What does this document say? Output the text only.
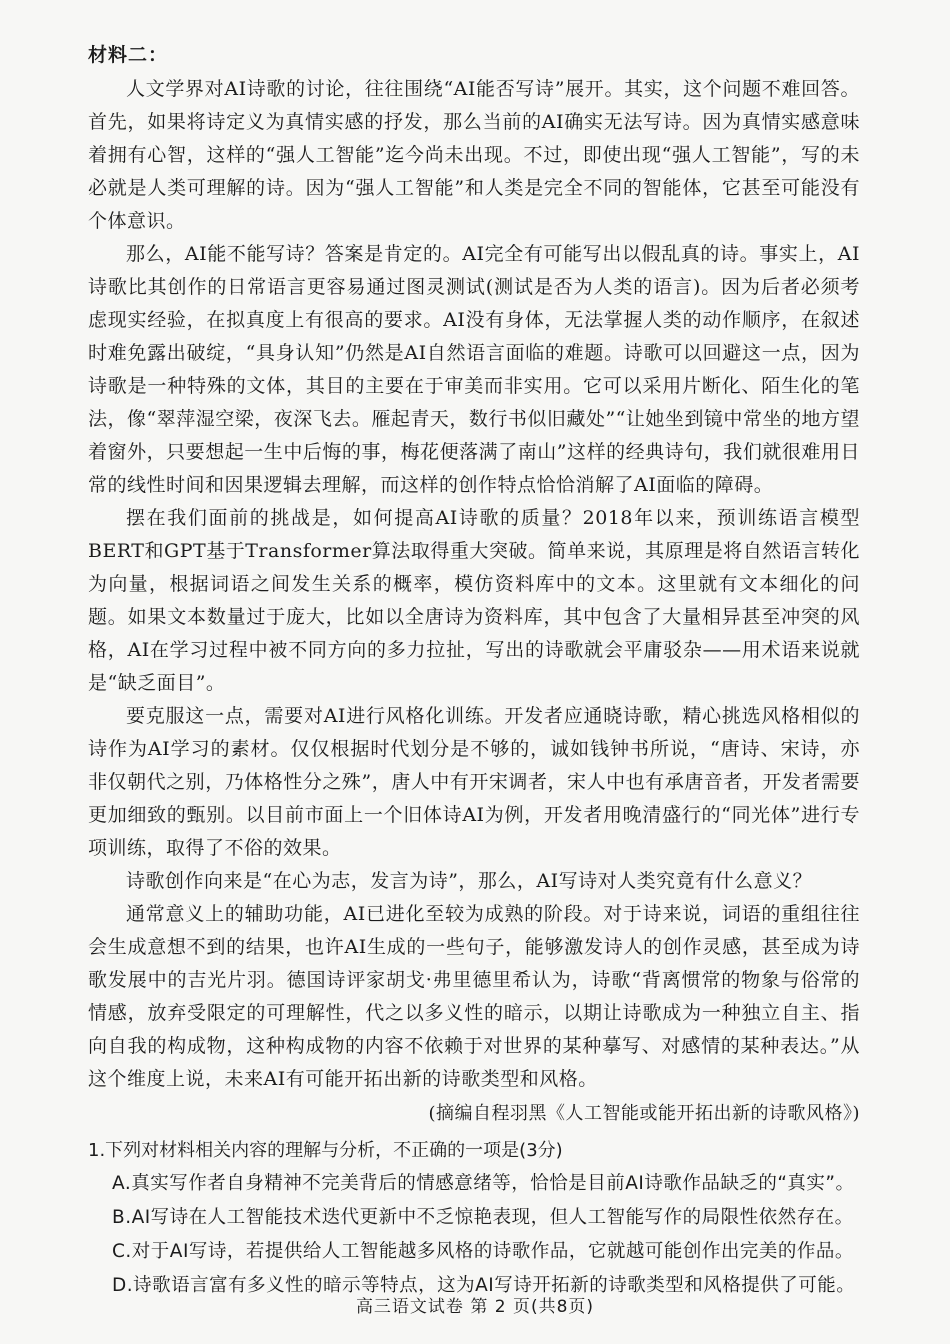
材料二：

人文学界对AI诗歌的讨论，往往围绕“AI能否写诗”展开。其实，这个问题不难回答。首先，如果将诗定义为真情实感的抒发，那么当前的AI确实无法写诗。因为真情实感意味着拥有心智，这样的“强人工智能”迄今尚未出现。不过，即使出现“强人工智能”，写的未必就是人类可理解的诗。因为“强人工智能”和人类是完全不同的智能体，它甚至可能没有个体意识。

那么，AI能不能写诗？答案是肯定的。AI完全有可能写出以假乱真的诗。事实上，AI诗歌比其创作的日常语言更容易通过图灵测试(测试是否为人类的语言)。因为后者必须考虑现实经验，在拟真度上有很高的要求。AI没有身体，无法掌握人类的动作顺序，在叙述时难免露出破绽，“具身认知”仍然是AI自然语言面临的难题。诗歌可以回避这一点，因为诗歌是一种特殊的文体，其目的主要在于审美而非实用。它可以采用片断化、陌生化的笔法，像“翠萍湿空梁，夜深飞去。雁起青天，数行书似旧藏处”“让她坐到镜中常坐的地方望着窗外，只要想起一生中后悔的事，梅花便落满了南山”这样的经典诗句，我们就很难用日常的线性时间和因果逻辑去理解，而这样的创作特点恰恰消解了AI面临的障碍。

摆在我们面前的挑战是，如何提高AI诗歌的质量？2018年以来，预训练语言模型BERT和GPT基于Transformer算法取得重大突破。简单来说，其原理是将自然语言转化为向量，根据词语之间发生关系的概率，模仿资料库中的文本。这里就有文本细化的问题。如果文本数量过于庞大，比如以全唐诗为资料库，其中包含了大量相异甚至冲突的风格，AI在学习过程中被不同方向的多力拉扯，写出的诗歌就会平庸驳杂——用术语来说就是“缺乏面目”。

要克服这一点，需要对AI进行风格化训练。开发者应通晓诗歌，精心挑选风格相似的诗作为AI学习的素材。仅仅根据时代划分是不够的，诚如钱钟书所说，“唐诗、宋诗，亦非仅朝代之别，乃体格性分之殊”，唐人中有开宋调者，宋人中也有承唐音者，开发者需要更加细致的甄别。以目前市面上一个旧体诗AI为例，开发者用晚清盛行的“同光体”进行专项训练，取得了不俗的效果。

诗歌创作向来是“在心为志，发言为诗”，那么，AI写诗对人类究竟有什么意义？

通常意义上的辅助功能，AI已进化至较为成熟的阶段。对于诗来说，词语的重组往往会生成意想不到的结果，也许AI生成的一些句子，能够激发诗人的创作灵感，甚至成为诗歌发展中的吉光片羽。德国诗评家胡戈·弗里德里希认为，诗歌“背离惯常的物象与俗常的情感，放弃受限定的可理解性，代之以多义性的暗示，以期让诗歌成为一种独立自主、指向自我的构成物，这种构成物的内容不依赖于对世界的某种摹写、对感情的某种表达。”从这个维度上说，未来AI有可能开拓出新的诗歌类型和风格。

(摘编自程羽黑《人工智能或能开拓出新的诗歌风格》)
1.下列对材料相关内容的理解与分析，不正确的一项是(3分)
A.真实写作者自身精神不完美背后的情感意绪等，恰恰是目前AI诗歌作品缺乏的“真实”。
B.AI写诗在人工智能技术迭代更新中不乏惊艳表现，但人工智能写作的局限性依然存在。
C.对于AI写诗，若提供给人工智能越多风格的诗歌作品，它就越可能创作出完美的作品。
D.诗歌语言富有多义性的暗示等特点，这为AI写诗开拓新的诗歌类型和风格提供了可能。
高三语文试卷 第 2 页(共8页)
